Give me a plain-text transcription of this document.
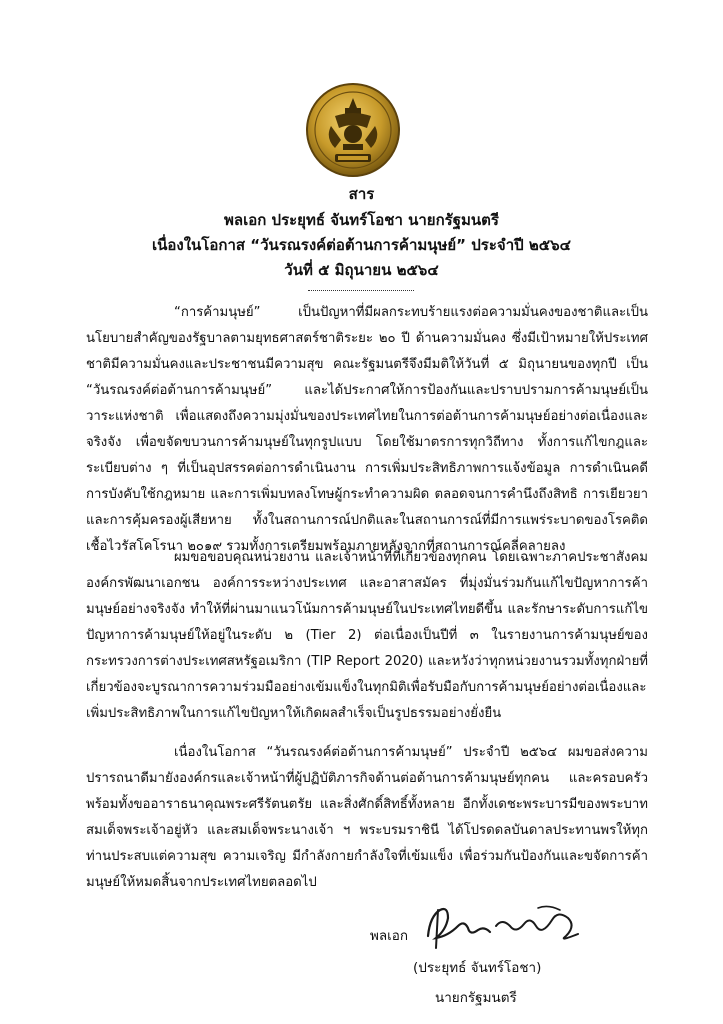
สาร
พลเอก ประยุทธ์ จันทร์โอชา นายกรัฐมนตรี
เนื่องในโอกาส “วันรณรงค์ต่อต้านการค้ามนุษย์” ประจำปี ๒๕๖๔
วันที่ ๕ มิถุนายน ๒๕๖๔
“การค้ามนุษย์” เป็นปัญหาที่มีผลกระทบร้ายแรงต่อความมั่นคงของชาติและเป็นนโยบายสำคัญของรัฐบาลตามยุทธศาสตร์ชาติระยะ ๒๐ ปี ด้านความมั่นคง ซึ่งมีเป้าหมายให้ประเทศชาติมีความมั่นคงและประชาชนมีความสุข คณะรัฐมนตรีจึงมีมติให้วันที่ ๕ มิถุนายนของทุกปี เป็น “วันรณรงค์ต่อต้านการค้ามนุษย์” และได้ประกาศให้การป้องกันและปราบปรามการค้ามนุษย์เป็นวาระแห่งชาติ เพื่อแสดงถึงความมุ่งมั่นของประเทศไทยในการต่อต้านการค้ามนุษย์อย่างต่อเนื่องและจริงจัง เพื่อขจัดขบวนการค้ามนุษย์ในทุกรูปแบบ โดยใช้มาตรการทุกวิถีทาง ทั้งการแก้ไขกฎและระเบียบต่าง ๆ ที่เป็นอุปสรรคต่อการดำเนินงาน การเพิ่มประสิทธิภาพการแจ้งข้อมูล การดำเนินคดี การบังคับใช้กฎหมาย และการเพิ่มบทลงโทษผู้กระทำความผิด ตลอดจนการคำนึงถึงสิทธิ การเยียวยาและการคุ้มครองผู้เสียหาย ทั้งในสถานการณ์ปกติและในสถานการณ์ที่มีการแพร่ระบาดของโรคติดเชื้อไวรัสโคโรนา ๒๐๑๙ รวมทั้งการเตรียมพร้อมภายหลังจากที่สถานการณ์คลี่คลายลง
ผมขอขอบคุณหน่วยงาน และเจ้าหน้าที่ที่เกี่ยวข้องทุกคน โดยเฉพาะภาคประชาสังคม องค์กรพัฒนาเอกชน องค์การระหว่างประเทศ และอาสาสมัคร ที่มุ่งมั่นร่วมกันแก้ไขปัญหาการค้ามนุษย์อย่างจริงจัง ทำให้ที่ผ่านมาแนวโน้มการค้ามนุษย์ในประเทศไทยดีขึ้น และรักษาระดับการแก้ไขปัญหาการค้ามนุษย์ให้อยู่ในระดับ ๒ (Tier 2) ต่อเนื่องเป็นปีที่ ๓ ในรายงานการค้ามนุษย์ของกระทรวงการต่างประเทศสหรัฐอเมริกา (TIP Report 2020) และหวังว่าทุกหน่วยงานรวมทั้งทุกฝ่ายที่เกี่ยวข้องจะบูรณาการความร่วมมืออย่างเข้มแข็งในทุกมิติเพื่อรับมือกับการค้ามนุษย์อย่างต่อเนื่องและเพิ่มประสิทธิภาพในการแก้ไขปัญหาให้เกิดผลสำเร็จเป็นรูปธรรมอย่างยั่งยืน
เนื่องในโอกาส “วันรณรงค์ต่อต้านการค้ามนุษย์” ประจำปี ๒๕๖๔ ผมขอส่งความปรารถนาดีมายังองค์กรและเจ้าหน้าที่ผู้ปฏิบัติภารกิจด้านต่อต้านการค้ามนุษย์ทุกคน และครอบครัว พร้อมทั้งขออาราธนาคุณพระศรีรัตนตรัย และสิ่งศักดิ์สิทธิ์ทั้งหลาย อีกทั้งเดชะพระบารมีของพระบาทสมเด็จพระเจ้าอยู่หัว และสมเด็จพระนางเจ้า ฯ พระบรมราชินี ได้โปรดดลบันดาลประทานพรให้ทุกท่านประสบแต่ความสุข ความเจริญ มีกำลังกายกำลังใจที่เข้มแข็ง เพื่อร่วมกันป้องกันและขจัดการค้ามนุษย์ให้หมดสิ้นจากประเทศไทยตลอดไป
พลเอก
(ประยุทธ์ จันทร์โอชา)
นายกรัฐมนตรี
